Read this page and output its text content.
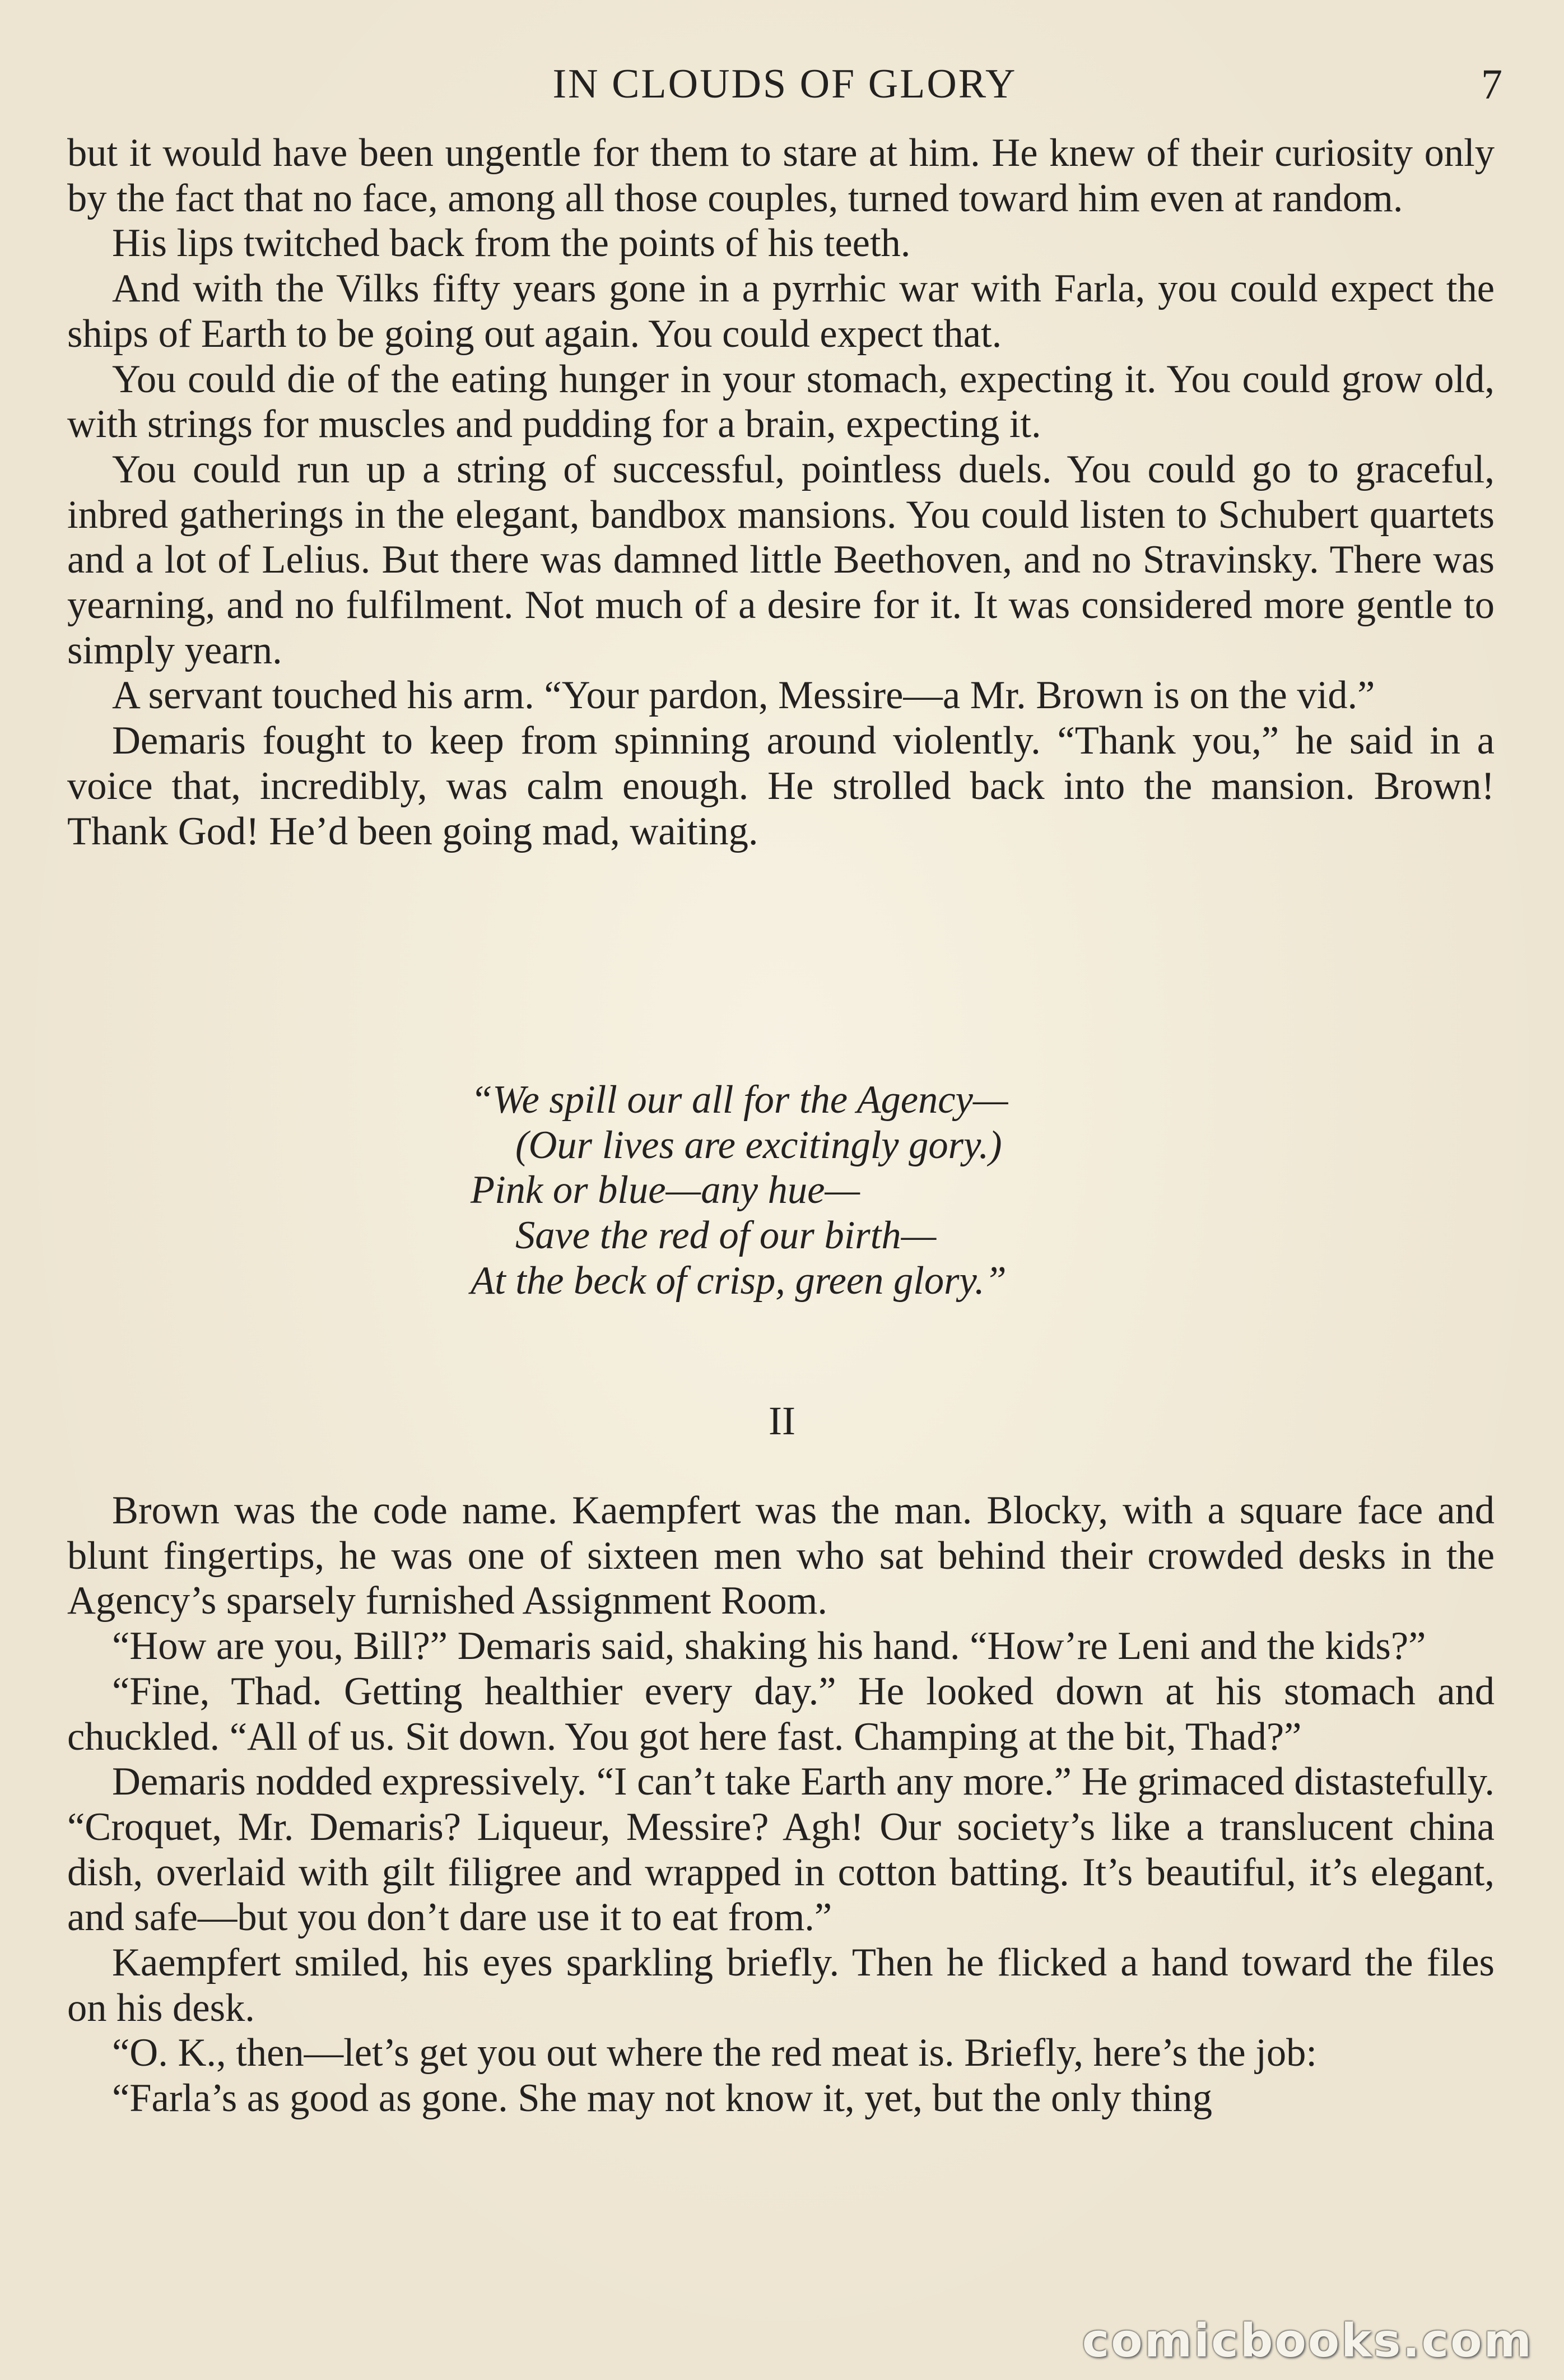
IN CLOUDS OF GLORY	7

but it would have been ungentle for them to stare at him. He knew of their curiosity only by the fact that no face, among all those couples, turned toward him even at random.

His lips twitched back from the points of his teeth.

And with the Vilks fifty years gone in a pyrrhic war with Farla, you could expect the ships of Earth to be going out again. You could expect that.

You could die of the eating hunger in your stomach, expecting it. You could grow old, with strings for muscles and pudding for a brain, expecting it.

You could run up a string of successful, pointless duels. You could go to graceful, inbred gatherings in the elegant, bandbox mansions. You could listen to Schubert quartets and a lot of Lelius. But there was damned little Beethoven, and no Stravinsky. There was yearning, and no fulfilment. Not much of a desire for it. It was considered more gentle to simply yearn.

A servant touched his arm. “Your pardon, Messire—a Mr. Brown is on the vid.”

Demaris fought to keep from spinning around violently. “Thank you,” he said in a voice that, incredibly, was calm enough. He strolled back into the mansion. Brown! Thank God! He’d been going mad, waiting.

“We spill our all for the Agency—
(Our lives are excitingly gory.)
Pink or blue—any hue—
Save the red of our birth—
At the beck of crisp, green glory.”
II

Brown was the code name. Kaempfert was the man. Blocky, with a square face and blunt fingertips, he was one of sixteen men who sat behind their crowded desks in the Agency’s sparsely furnished Assignment Room.

“How are you, Bill?” Demaris said, shaking his hand. “How’re Leni and the kids?”

“Fine, Thad. Getting healthier every day.” He looked down at his stomach and chuckled. “All of us. Sit down. You got here fast. Champing at the bit, Thad?”

Demaris nodded expressively. “I can’t take Earth any more.” He grimaced distastefully. “Croquet, Mr. Demaris? Liqueur, Messire? Agh! Our society’s like a translucent china dish, overlaid with gilt filigree and wrapped in cotton batting. It’s beautiful, it’s elegant, and safe—but you don’t dare use it to eat from.”

Kaempfert smiled, his eyes sparkling briefly. Then he flicked a hand toward the files on his desk.

“O. K., then—let’s get you out where the red meat is. Briefly, here’s the job:

“Farla’s as good as gone. She may not know it, yet, but the only thing

comicbooks.com
